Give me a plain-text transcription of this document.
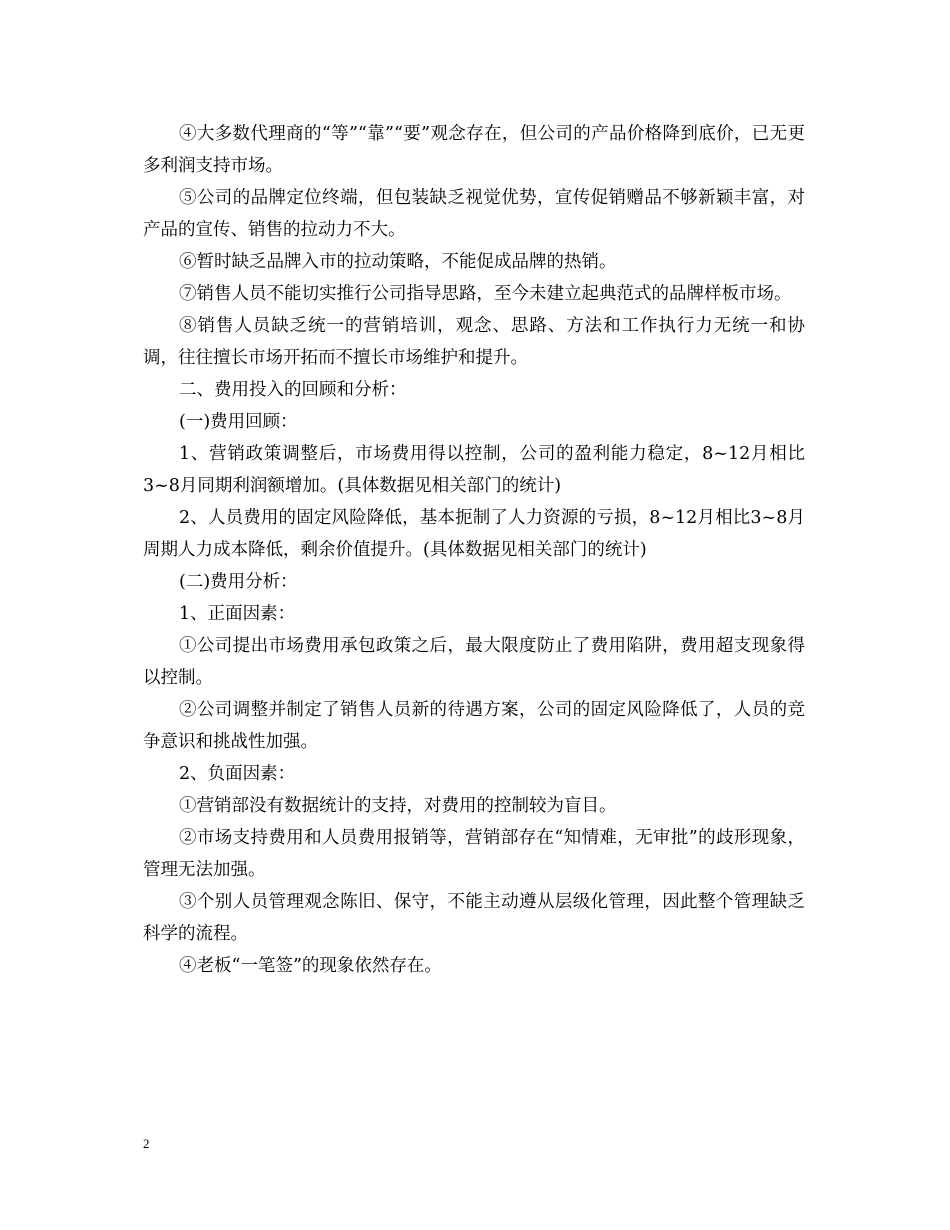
④大多数代理商的“等”“靠”“要”观念存在，但公司的产品价格降到底价，已无更多利润支持市场。

⑤公司的品牌定位终端，但包装缺乏视觉优势，宣传促销赠品不够新颖丰富，对产品的宣传、销售的拉动力不大。

⑥暂时缺乏品牌入市的拉动策略，不能促成品牌的热销。

⑦销售人员不能切实推行公司指导思路，至今未建立起典范式的品牌样板市场。

⑧销售人员缺乏统一的营销培训，观念、思路、方法和工作执行力无统一和协调，往往擅长市场开拓而不擅长市场维护和提升。

二、费用投入的回顾和分析：

(一)费用回顾：

1、营销政策调整后，市场费用得以控制，公司的盈利能力稳定，8~12月相比3~8月同期利润额增加。(具体数据见相关部门的统计)

2、人员费用的固定风险降低，基本扼制了人力资源的亏损，8~12月相比3~8月周期人力成本降低，剩余价值提升。(具体数据见相关部门的统计)

(二)费用分析：

1、正面因素：

①公司提出市场费用承包政策之后，最大限度防止了费用陷阱，费用超支现象得以控制。

②公司调整并制定了销售人员新的待遇方案，公司的固定风险降低了，人员的竞争意识和挑战性加强。

2、负面因素：

①营销部没有数据统计的支持，对费用的控制较为盲目。

②市场支持费用和人员费用报销等，营销部存在“知情难，无审批”的歧形现象，管理无法加强。

③个别人员管理观念陈旧、保守，不能主动遵从层级化管理，因此整个管理缺乏科学的流程。

④老板“一笔签”的现象依然存在。

2
